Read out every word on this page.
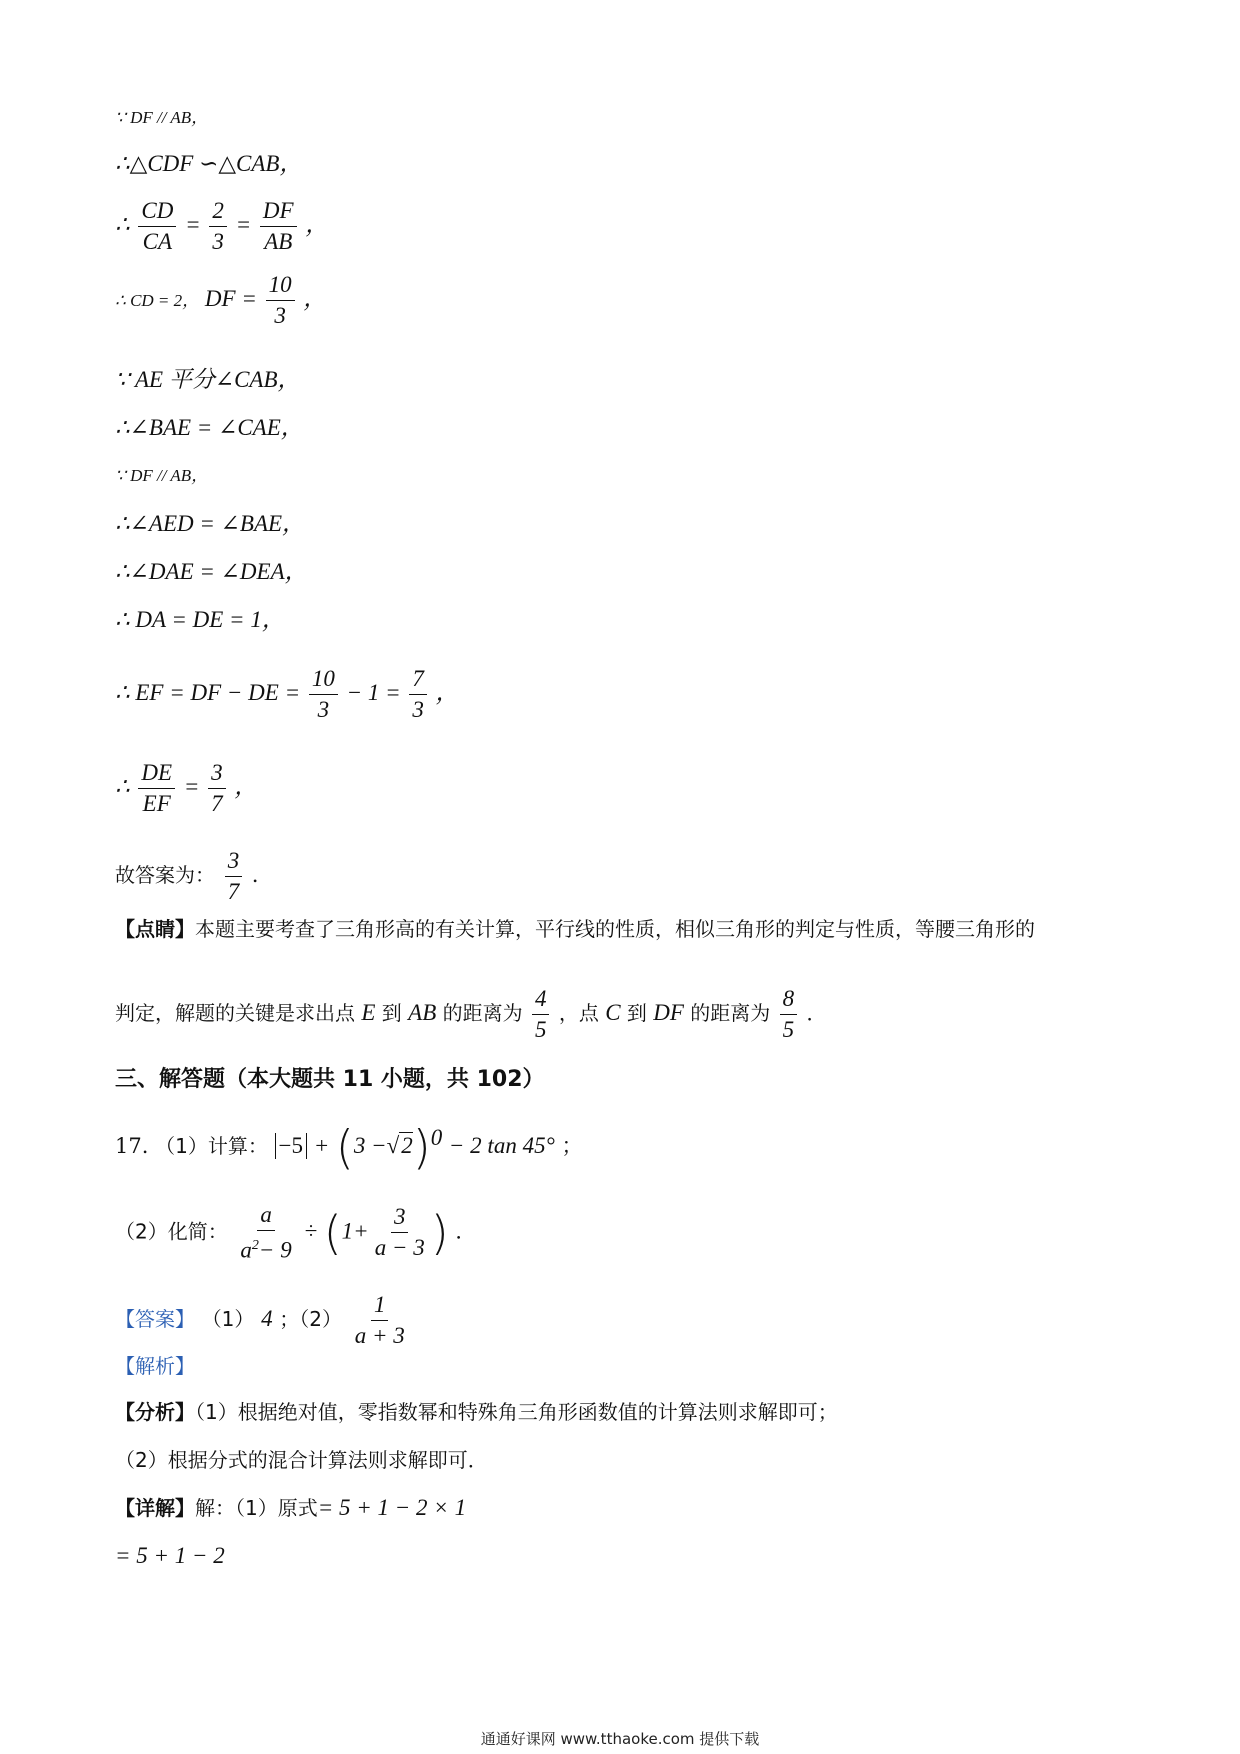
∵ DF // AB，
∴△CDF ∽△CAB，
∴ $\frac{CD}{CA} = \frac{2}{3} = \frac{DF}{AB}$ ，
∴ CD = 2， DF = $\frac{10}{3}$ ，
∵ AE 平分∠CAB，
∴∠BAE = ∠CAE，
∵ DF // AB，
∴∠AED = ∠BAE，
∴∠DAE = ∠DEA，
∴ DA = DE = 1，
∴ EF = DF − DE = $\frac{10}{3} - 1 = \frac{7}{3}$ ，
∴ $\frac{DE}{EF} = \frac{3}{7}$ ，
故答案为： $\frac{3}{7}$ ．
【点睛】本题主要考查了三角形高的有关计算，平行线的性质，相似三角形的判定与性质，等腰三角形的
判定，解题的关键是求出点 E 到 AB 的距离为 $\frac{4}{5}$ ，点 C 到 DF 的距离为 $\frac{8}{5}$ ．
三、解答题（本大题共 11 小题，共 102）
17. （1）计算： $-5 + (3 -√2)^0 - 2$ tan 45° ；
（2）化简： $\frac{a}{a^2- 9} \div (1+ \frac{3}{a - 3}$ ) ．
【答案】 （1） 4 ；$(2) \frac{1}{a + 3}$
【解析】
【分析】（1）根据绝对值，零指数幂和特殊角三角形函数值的计算法则求解即可；
（2）根据分式的混合计算法则求解即可．
【详解】解：（1）原式= 5 + 1 − 2 × 1
= 5 + 1 − 2
通通好课网 www.tthaoke.com 提供下载
